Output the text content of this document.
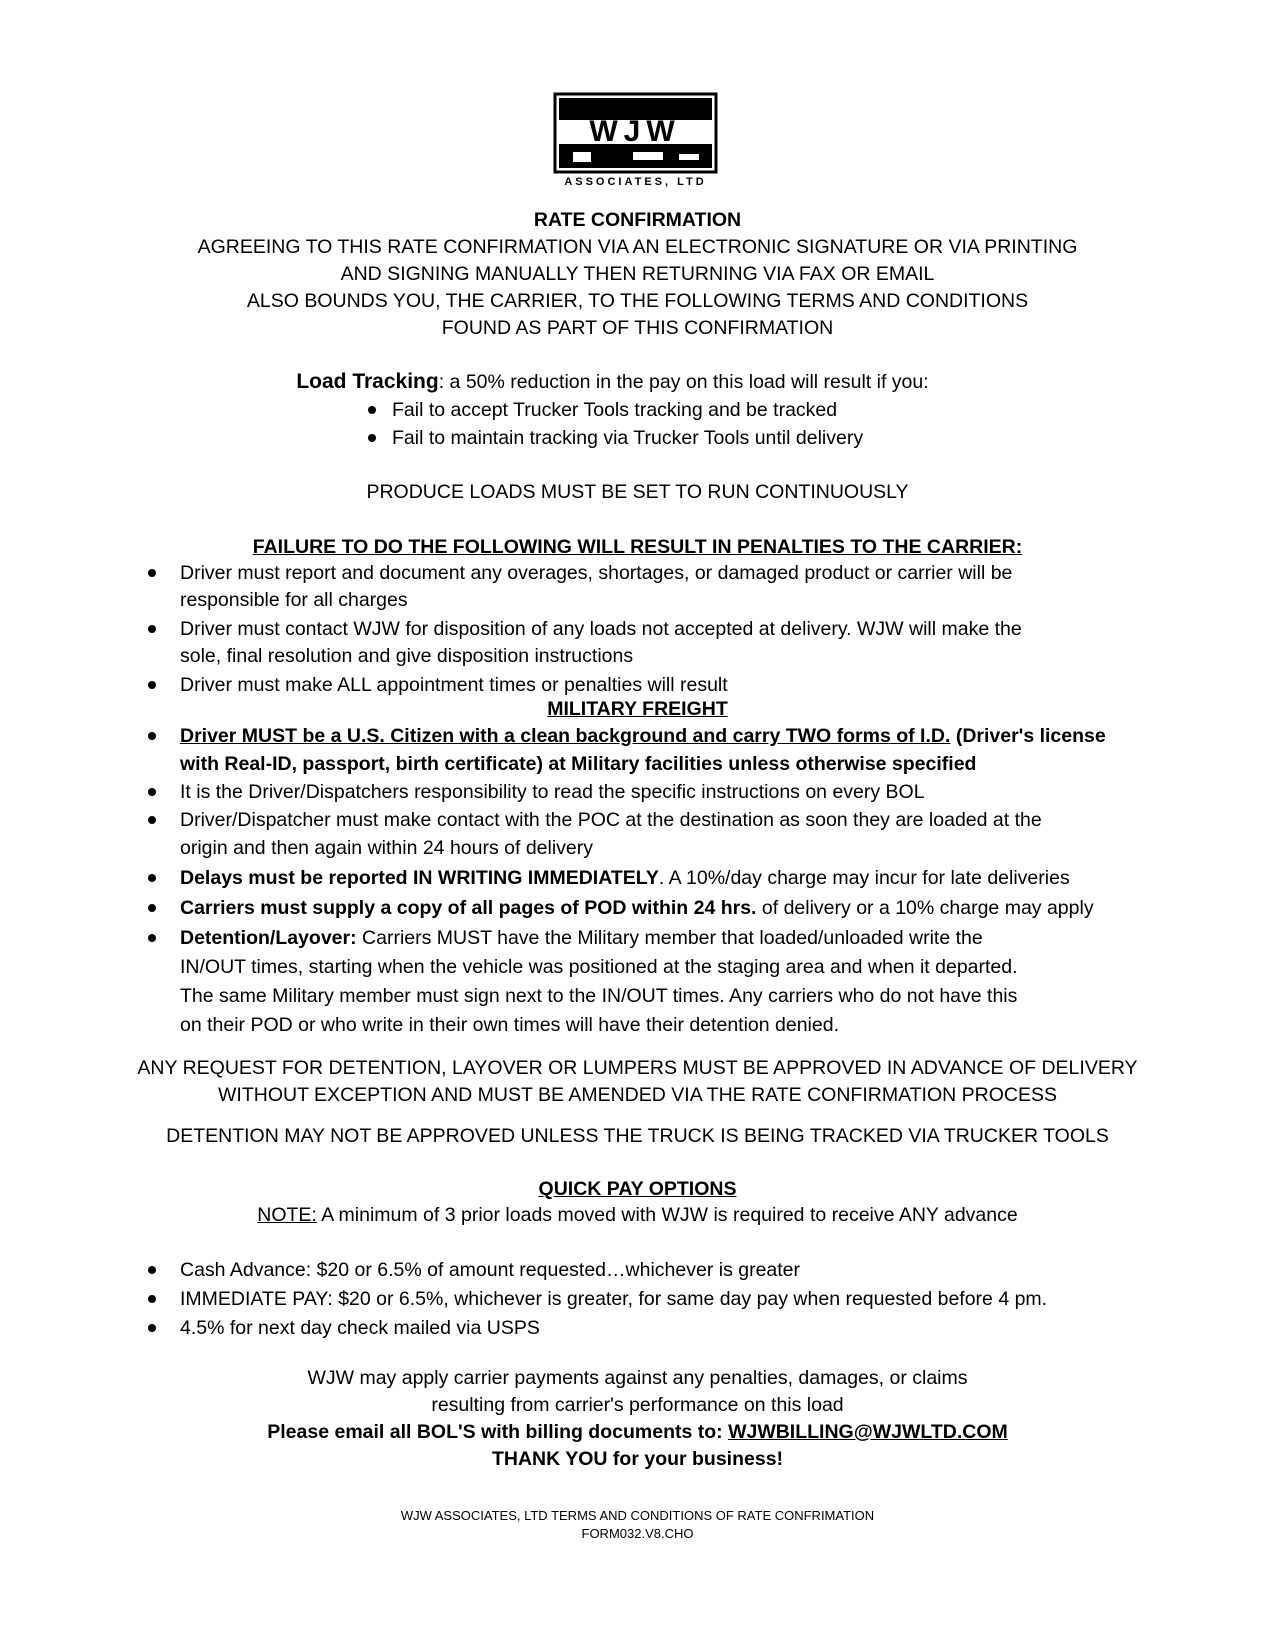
WJW
ASSOCIATES, LTD
RATE CONFIRMATION
AGREEING TO THIS RATE CONFIRMATION VIA AN ELECTRONIC SIGNATURE OR VIA PRINTING
AND SIGNING MANUALLY THEN RETURNING VIA FAX OR EMAIL
ALSO BOUNDS YOU, THE CARRIER, TO THE FOLLOWING TERMS AND CONDITIONS
FOUND AS PART OF THIS CONFIRMATION
Load Tracking: a 50% reduction in the pay on this load will result if you:
Fail to accept Trucker Tools tracking and be tracked
Fail to maintain tracking via Trucker Tools until delivery
PRODUCE LOADS MUST BE SET TO RUN CONTINUOUSLY
FAILURE TO DO THE FOLLOWING WILL RESULT IN PENALTIES TO THE CARRIER:
Driver must report and document any overages, shortages, or damaged product or carrier will be
responsible for all charges
Driver must contact WJW for disposition of any loads not accepted at delivery. WJW will make the
sole, final resolution and give disposition instructions
Driver must make ALL appointment times or penalties will result
MILITARY FREIGHT
Driver MUST be a U.S. Citizen with a clean background and carry TWO forms of I.D. (Driver's license
with Real-ID, passport, birth certificate) at Military facilities unless otherwise specified
It is the Driver/Dispatchers responsibility to read the specific instructions on every BOL
Driver/Dispatcher must make contact with the POC at the destination as soon they are loaded at the
origin and then again within 24 hours of delivery
Delays must be reported IN WRITING IMMEDIATELY. A 10%/day charge may incur for late deliveries
Carriers must supply a copy of all pages of POD within 24 hrs. of delivery or a 10% charge may apply
Detention/Layover: Carriers MUST have the Military member that loaded/unloaded write the
IN/OUT times, starting when the vehicle was positioned at the staging area and when it departed.
The same Military member must sign next to the IN/OUT times. Any carriers who do not have this
on their POD or who write in their own times will have their detention denied.
ANY REQUEST FOR DETENTION, LAYOVER OR LUMPERS MUST BE APPROVED IN ADVANCE OF DELIVERY
WITHOUT EXCEPTION AND MUST BE AMENDED VIA THE RATE CONFIRMATION PROCESS
DETENTION MAY NOT BE APPROVED UNLESS THE TRUCK IS BEING TRACKED VIA TRUCKER TOOLS
QUICK PAY OPTIONS
NOTE: A minimum of 3 prior loads moved with WJW is required to receive ANY advance
Cash Advance: $20 or 6.5% of amount requested…whichever is greater
IMMEDIATE PAY: $20 or 6.5%, whichever is greater, for same day pay when requested before 4 pm.
4.5% for next day check mailed via USPS
WJW may apply carrier payments against any penalties, damages, or claims
resulting from carrier's performance on this load
Please email all BOL'S with billing documents to: WJWBILLING@WJWLTD.COM
THANK YOU for your business!
WJW ASSOCIATES, LTD TERMS AND CONDITIONS OF RATE CONFRIMATION
FORM032.V8.CHO
